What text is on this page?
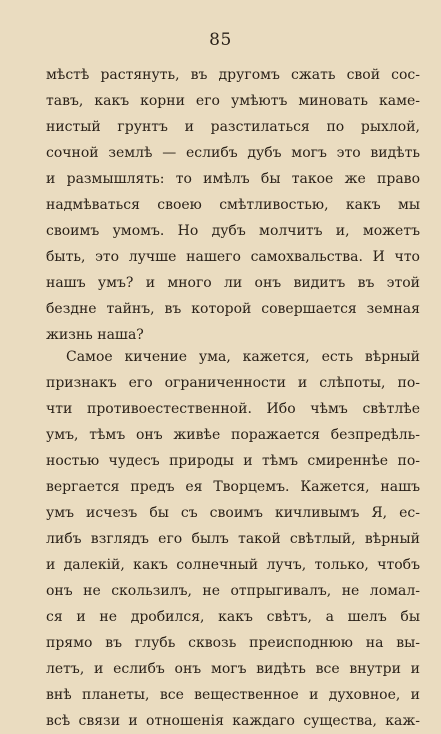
85
мѣстѣ растянуть, въ другомъ сжать свой сос-
тавъ, какъ корни его умѣютъ миновать каме-
нистый грунтъ и разстилаться по рыхлой,
сочной землѣ — еслибъ дубъ могъ это видѣть
и размышлять: то имѣлъ бы такое же право
надмѣваться своею смѣтливостью, какъ мы
своимъ умомъ. Но дубъ молчитъ и, можетъ
быть, это лучше нашего самохвальства. И что
нашъ умъ? и много ли онъ видитъ въ этой
бездне тайнъ, въ которой совершается земная
жизнь наша?
Самое кичение ума, кажется, есть вѣрный
признакъ его ограниченности и слѣпоты, по-
чти противоестественной. Ибо чѣмъ свѣтлѣе
умъ, тѣмъ онъ живѣе поражается безпредѣль-
ностью чудесъ природы и тѣмъ смиреннѣе по-
вергается предъ ея Творцемъ. Кажется, нашъ
умъ исчезъ бы съ своимъ кичливымъ Я, ес-
либъ взглядъ его былъ такой свѣтлый, вѣрный
и далекій, какъ солнечный лучъ, только, чтобъ
онъ не скользилъ, не отпрыгивалъ, не ломал-
ся и не дробился, какъ свѣтъ, а шелъ бы
прямо въ глубь сквозь преисподнюю на вы-
летъ, и еслибъ онъ могъ видѣть все внутри и
внѣ планеты, все вещественное и духовное, и
всѣ связи и отношенія каждаго существа, каж-
